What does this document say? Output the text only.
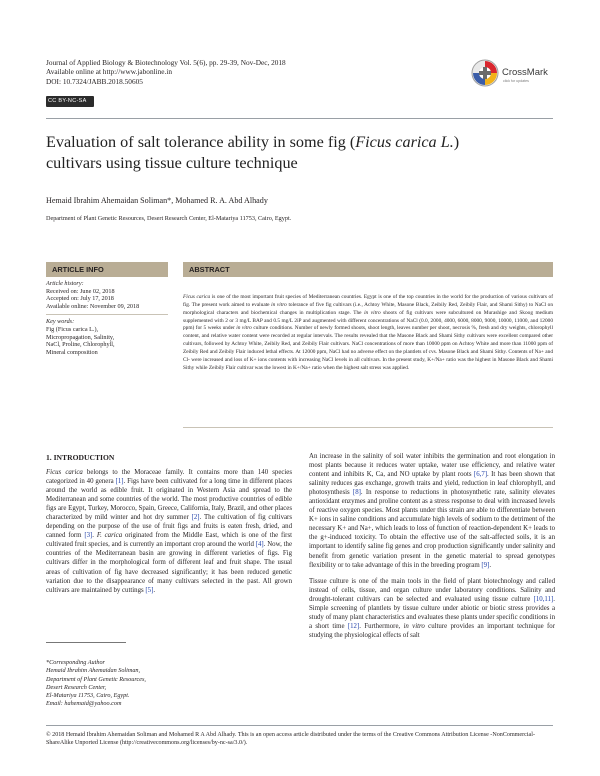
Journal of Applied Biology & Biotechnology Vol. 5(6), pp. 29-39, Nov-Dec, 2018
Available online at http://www.jabonline.in
DOI: 10.7324/JABB.2018.50605
CC BY-NC-SA
CrossMark
click for updates
Evaluation of salt tolerance ability in some fig (Ficus carica L.)
cultivars using tissue culture technique
Hemaid Ibrahim Ahemaidan Soliman*, Mohamed R. A. Abd Alhady
Department of Plant Genetic Resources, Desert Research Center, El-Matariya 11753, Cairo, Egypt.
ARTICLE INFO
Article history:
Received on: June 02, 2018
Accepted on: July 17, 2018
Available online: November 09, 2018
Key words:
Fig (Ficus carica L.),
Micropropagation, Salinity,
NaCl, Proline, Chlorophyll,
Mineral composition
ABSTRACT
Ficus carica is one of the most important fruit species of Mediterranean countries. Egypt is one of the top countries in the world for the production of various cultivars of fig. The present work aimed to evaluate in vitro tolerance of five fig cultivars (i.e., Achtoy White, Masone Black, Zeibily Red, Zeibily Flair, and Shami Sithy) to NaCl on morphological characters and biochemical changes in multiplication stage. The in vitro shoots of fig cultivars were subcultured on Murashige and Skoog medium supplemented with 2 or 3 mg/L BAP and 0.5 mg/L 2iP and augmented with different concentrations of NaCl (0.0, 2000, 4000, 6000, 8000, 9000, 10000, 11000, and 12000 ppm) for 5 weeks under in vitro culture conditions. Number of newly formed shoots, shoot length, leaves number per shoot, necrosis %, fresh and dry weights, chlorophyll content, and relative water content were recorded at regular intervals. The results revealed that the Masone Black and Shami Sithy cultivars were excellent compared other cultivars, followed by Achtoy White, Zeibily Red, and Zeibily Flair cultivars. NaCl concentrations of more than 10000 ppm on Achtoy White and more than 11000 ppm of Zeibily Red and Zeibily Flair induced lethal effects. At 12000 ppm, NaCl had no adverse effect on the plantlets of cvs. Masone Black and Shami Sithy. Contents of Na+ and Cl- were increased and loss of K+ ions contents with increasing NaCl levels in all cultivars. In the present study, K+/Na+ ratio was the highest in Masone Black and Shami Sithy while Zeibily Flair cultivar was the lowest in K+/Na+ ratio when the highest salt stress was applied.
1. INTRODUCTION

Ficus carica belongs to the Moraceae family. It contains more than 140 species categorized in 40 genera [1]. Figs have been cultivated for a long time in different places around the world as edible fruit. It originated in Western Asia and spread to the Mediterranean and some countries of the world. The most productive countries of edible figs are Egypt, Turkey, Morocco, Spain, Greece, California, Italy, Brazil, and other places characterized by mild winter and hot dry summer [2]. The cultivation of fig cultivars depending on the purpose of the use of fruit figs and fruits is eaten fresh, dried, and canned form [3]. F. carica originated from the Middle East, which is one of the first cultivated fruit species, and is currently an important crop around the world [4]. Now, the countries of the Mediterranean basin are growing in different varieties of figs. Fig cultivars differ in the morphological form of different leaf and fruit shape. The usual areas of cultivation of fig have decreased significantly; it has been reduced genetic variation due to the disappearance of many cultivars selected in the past. All grown cultivars are maintained by cuttings [5].

An increase in the salinity of soil water inhibits the germination and root elongation in most plants because it reduces water uptake, water use efficiency, and relative water content and inhibits K, Ca, and NO uptake by plant roots [6,7]. It has been shown that salinity reduces gas exchange, growth traits and yield, reduction in leaf chlorophyll, and photosynthesis [8]. In response to reductions in photosynthetic rate, salinity elevates antioxidant enzymes and proline content as a stress response to deal with increased levels of reactive oxygen species. Most plants under this strain are able to differentiate between K+ ions in saline conditions and accumulate high levels of sodium to the detriment of the necessary K+ and Na+, which leads to loss of function of reaction-dependent K+ leads to the g+-induced toxicity. To obtain the effective use of the salt-affected soils, it is an important to identify saline fig genes and crop production significantly under salinity and benefit from genetic variation present in the genetic material to spread genotypes flexibility or to take advantage of this in the breeding program [9].

Tissue culture is one of the main tools in the field of plant biotechnology and called instead of cells, tissue, and organ culture under laboratory conditions. Salinity and drought-tolerant cultivars can be selected and evaluated using tissue culture [10,11]. Simple screening of plantlets by tissue culture under abiotic or biotic stress provides a study of many plant characteristics and evaluates these plants under specific conditions in a short time [12]. Furthermore, in vitro culture provides an important technique for studying the physiological effects of salt

*Corresponding Author
Hemaid Ibrahim Ahemaidan Soliman,
Department of Plant Genetic Resources,
Desert Research Center,
El-Matariya 11753, Cairo, Egypt.
Email: hahemaid@yahoo.com
© 2018 Hemaid Ibrahim Ahemaidan Soliman and Mohamed R A Abd Alhady. This is an open access article distributed under the terms of the Creative Commons Attribution License -NonCommercial-ShareAlike Unported License (http://creativecommons.org/licenses/by-nc-sa/3.0/).
